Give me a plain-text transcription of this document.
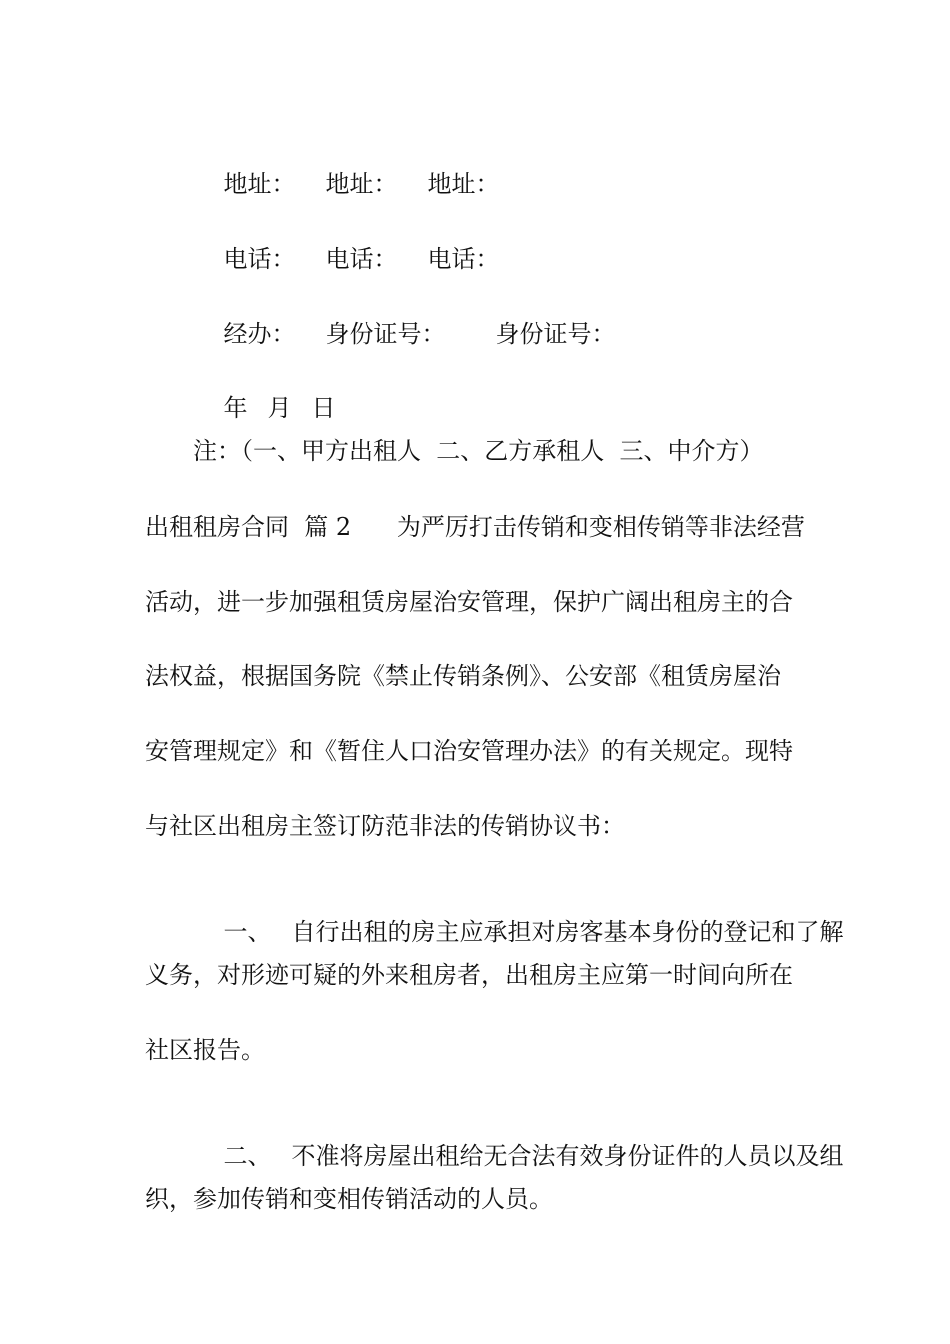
地址： 地址： 地址：

电话： 电话： 电话：

经办： 身份证号： 身份证号：

年 月 日

注：（一、甲方出租人  二、乙方承租人  三、中介方）
出租租房合同  篇 2      为严厉打击传销和变相传销等非法经营
活动，进一步加强租赁房屋治安管理，保护广阔出租房主的合
法权益，根据国务院《禁止传销条例》、公安部《租赁房屋治
安管理规定》和《暂住人口治安管理办法》的有关规定。现特
与社区出租房主签订防范非法的传销协议书：

一、 自行出租的房主应承担对房客基本身份的登记和了解

义务，对形迹可疑的外来租房者，出租房主应第一时间向所在
社区报告。

二、 不准将房屋出租给无合法有效身份证件的人员以及组

织，参加传销和变相传销活动的人员。
